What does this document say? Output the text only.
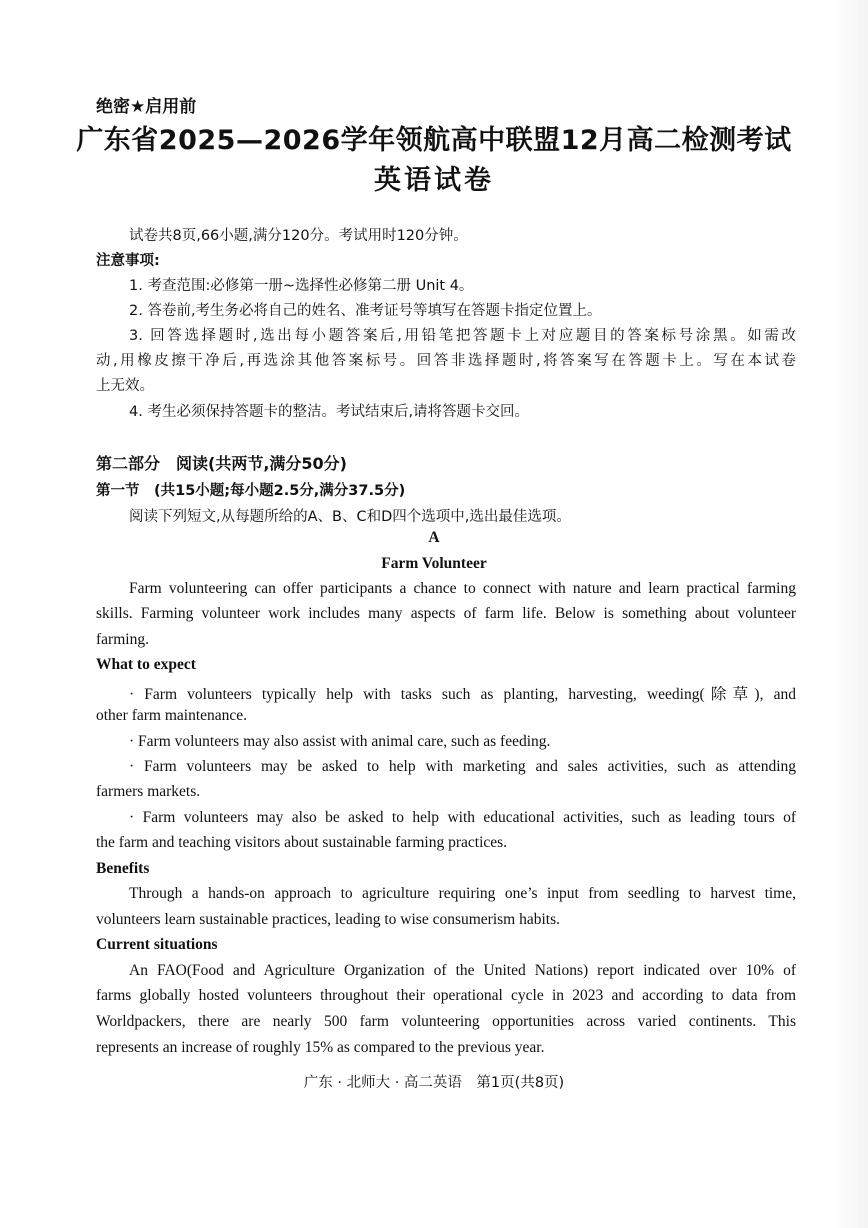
绝密★启用前
广东省2025—2026学年领航高中联盟12月高二检测考试
英语试卷
试卷共8页,66小题,满分120分。考试用时120分钟。
注意事项:
1. 考查范围:必修第一册~选择性必修第二册 Unit 4。
2. 答卷前,考生务必将自己的姓名、准考证号等填写在答题卡指定位置上。
3. 回答选择题时,选出每小题答案后,用铅笔把答题卡上对应题目的答案标号涂黑。如需改
动,用橡皮擦干净后,再选涂其他答案标号。回答非选择题时,将答案写在答题卡上。写在本试卷
上无效。
4. 考生必须保持答题卡的整洁。考试结束后,请将答题卡交回。
第二部分　阅读(共两节,满分50分)
第一节　(共15小题;每小题2.5分,满分37.5分)
阅读下列短文,从每题所给的A、B、C和D四个选项中,选出最佳选项。
A
Farm Volunteer
Farm volunteering can offer participants a chance to connect with nature and learn practical farming
skills. Farming volunteer work includes many aspects of farm life. Below is something about volunteer
farming.
What to expect
· Farm volunteers typically help with tasks such as planting, harvesting, weeding(除草), and
other farm maintenance.
· Farm volunteers may also assist with animal care, such as feeding.
· Farm volunteers may be asked to help with marketing and sales activities, such as attending
farmers markets.
· Farm volunteers may also be asked to help with educational activities, such as leading tours of
the farm and teaching visitors about sustainable farming practices.
Benefits
Through a hands-on approach to agriculture requiring one’s input from seedling to harvest time,
volunteers learn sustainable practices, leading to wise consumerism habits.
Current situations
An FAO(Food and Agriculture Organization of the United Nations) report indicated over 10% of
farms globally hosted volunteers throughout their operational cycle in 2023 and according to data from
Worldpackers, there are nearly 500 farm volunteering opportunities across varied continents. This
represents an increase of roughly 15% as compared to the previous year.
广东 · 北师大 · 高二英语　第1页(共8页)
